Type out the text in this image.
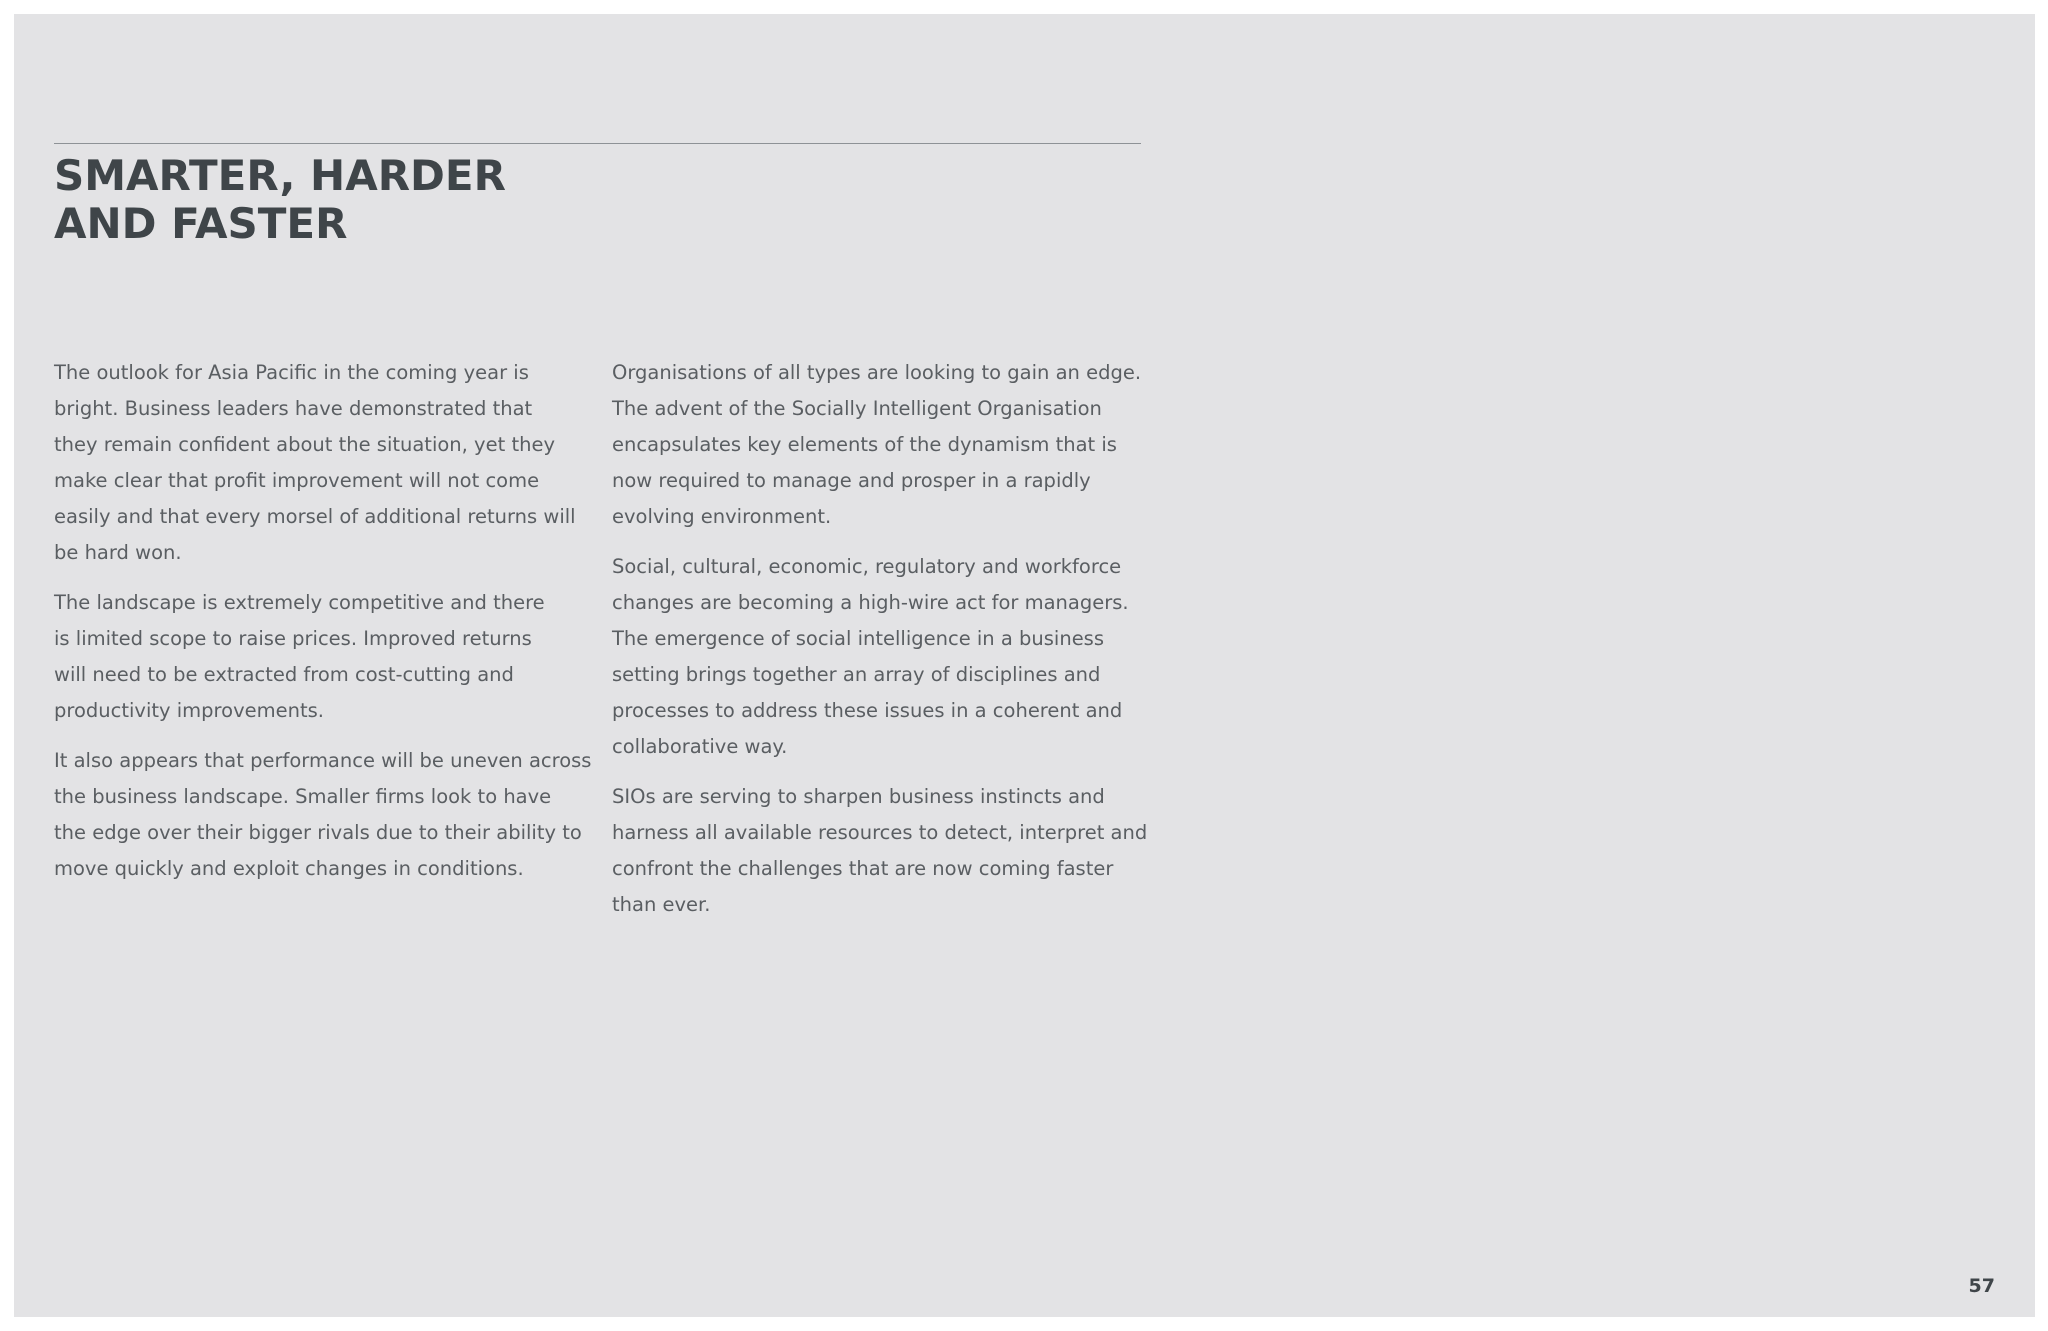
SMARTER, HARDER
AND FASTER

The outlook for Asia Pacific in the coming year is
bright. Business leaders have demonstrated that
they remain confident about the situation, yet they
make clear that profit improvement will not come
easily and that every morsel of additional returns will
be hard won.

The landscape is extremely competitive and there
is limited scope to raise prices. Improved returns
will need to be extracted from cost-cutting and
productivity improvements.

It also appears that performance will be uneven across
the business landscape. Smaller firms look to have
the edge over their bigger rivals due to their ability to
move quickly and exploit changes in conditions.

Organisations of all types are looking to gain an edge.
The advent of the Socially Intelligent Organisation
encapsulates key elements of the dynamism that is
now required to manage and prosper in a rapidly
evolving environment.

Social, cultural, economic, regulatory and workforce
changes are becoming a high-wire act for managers.
The emergence of social intelligence in a business
setting brings together an array of disciplines and
processes to address these issues in a coherent and
collaborative way.

SIOs are serving to sharpen business instincts and
harness all available resources to detect, interpret and
confront the challenges that are now coming faster
than ever.

57
